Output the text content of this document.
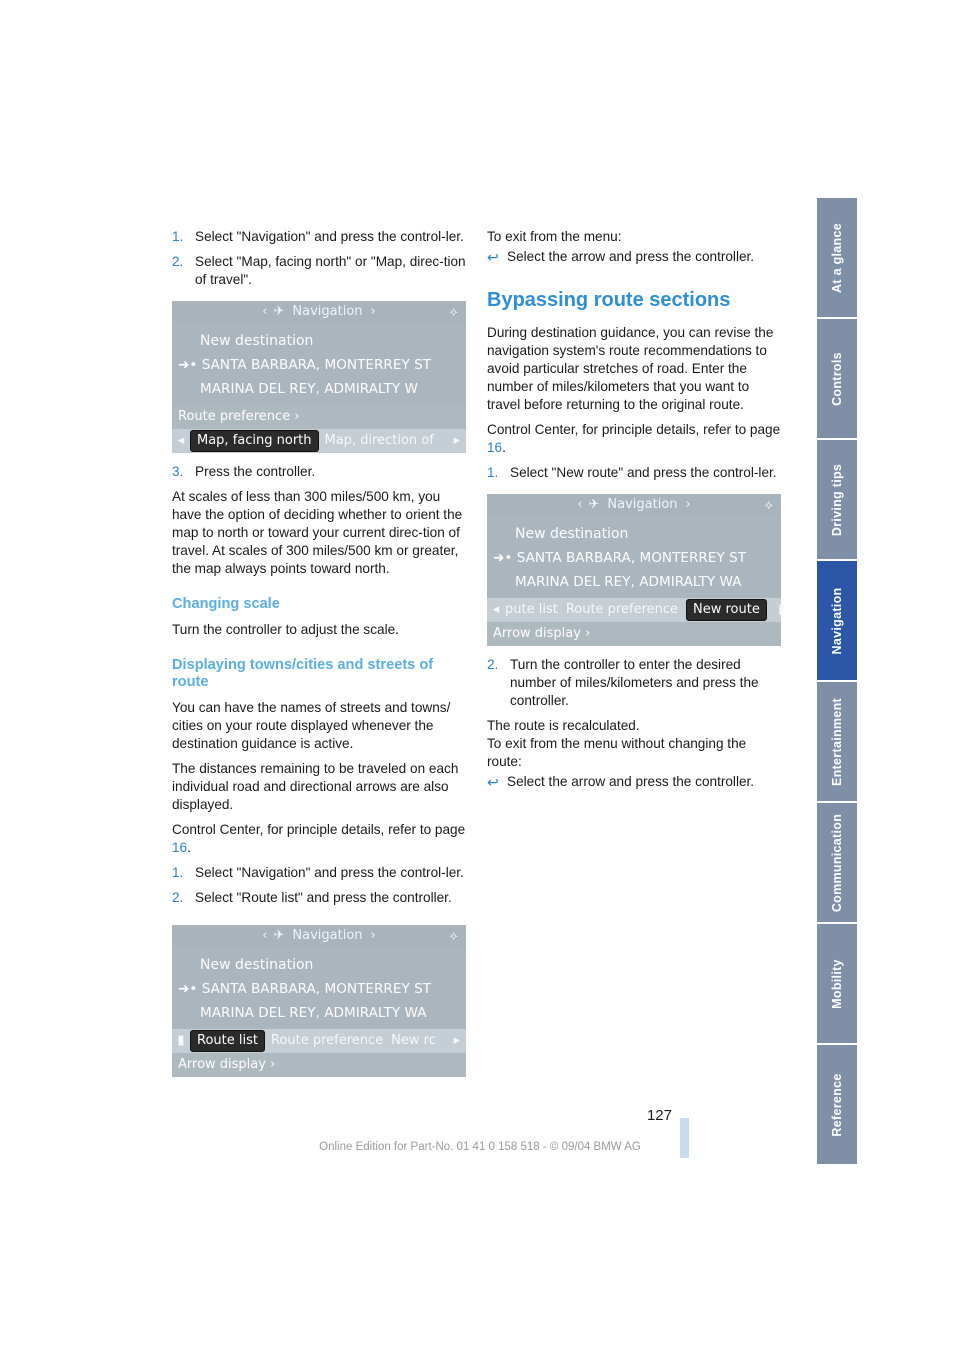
1. Select "Navigation" and press the control-ler.
2. Select "Map, facing north" or "Map, direc-tion of travel".
‹ ✈ Navigation ›	⟡
New destination
➜• SANTA BARBARA, MONTERREY ST
MARINA DEL REY, ADMIRALTY W
Route preference ›
◂ Map, facing north	Map, direction of	▸
3. Press the controller.

At scales of less than 300 miles/500 km, you have the option of deciding whether to orient the map to north or toward your current direc-tion of travel. At scales of 300 miles/500 km or greater, the map always points toward north.

Changing scale

Turn the controller to adjust the scale.

Displaying towns/cities and streets of route

You can have the names of streets and towns/ cities on your route displayed whenever the destination guidance is active.

The distances remaining to be traveled on each individual road and directional arrows are also displayed.

Control Center, for principle details, refer to page 16.

1. Select "Navigation" and press the control-ler.
2. Select "Route list" and press the controller.
‹ ✈ Navigation ›	⟡
New destination
➜• SANTA BARBARA, MONTERREY ST
MARINA DEL REY, ADMIRALTY WA
▮ Route list	Route preference New rc	▸
Arrow display ›

To exit from the menu:

↩ Select the arrow and press the controller.

Bypassing route sections

During destination guidance, you can revise the navigation system's route recommendations to avoid particular stretches of road. Enter the number of miles/kilometers that you want to travel before returning to the original route.

Control Center, for principle details, refer to page 16.

1. Select "New route" and press the control-ler.
‹ ✈ Navigation ›	⟡
New destination
➜• SANTA BARBARA, MONTERREY ST
MARINA DEL REY, ADMIRALTY WA
◂ pute list Route preference	New route	▮
Arrow display ›
2. Turn the controller to enter the desired number of miles/kilometers and press the controller.

The route is recalculated.

To exit from the menu without changing the route:

↩ Select the arrow and press the controller.

At a glance
Controls
Driving tips
Navigation
Entertainment
Communication
Mobility
Reference
127
Online Edition for Part-No. 01 41 0 158 518 - © 09/04 BMW AG
